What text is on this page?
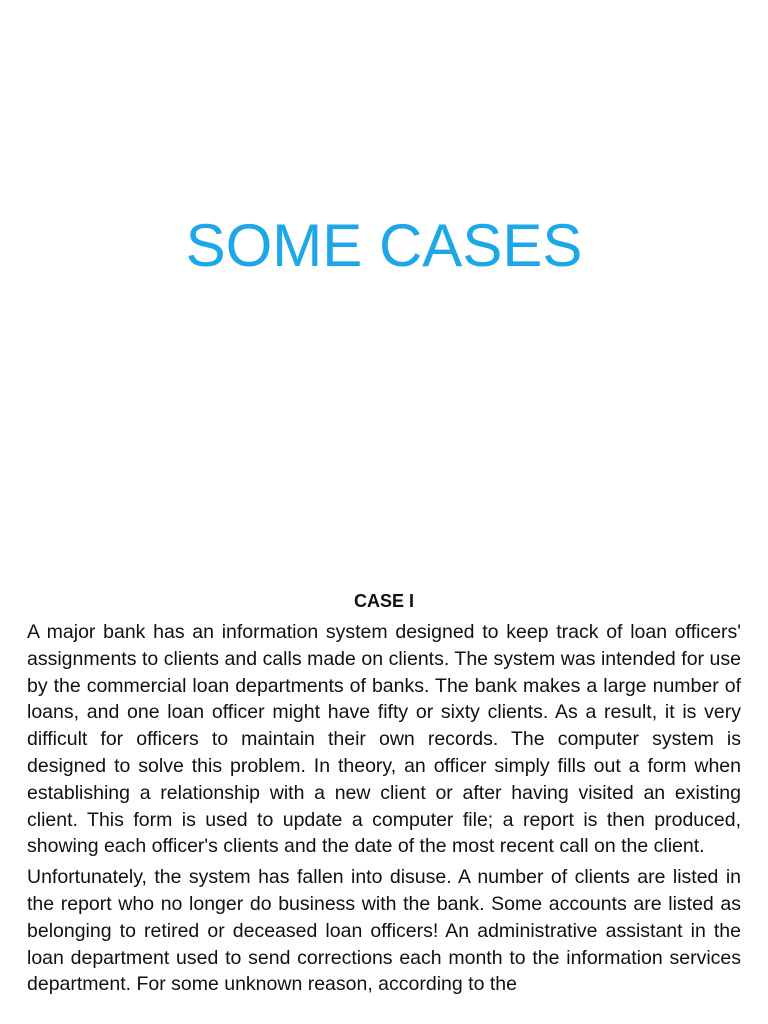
SOME CASES
CASE I

A major bank has an information system designed to keep track of loan officers' assignments to clients and calls made on clients. The system was intended for use by the commercial loan departments of banks. The bank makes a large number of loans, and one loan officer might have fifty or sixty clients. As a result, it is very difficult for officers to maintain their own records. The computer system is designed to solve this problem. In theory, an officer simply fills out a form when establishing a relationship with a new client or after having visited an existing client. This form is used to update a computer file; a report is then produced, showing each officer's clients and the date of the most recent call on the client.

Unfortunately, the system has fallen into disuse. A number of clients are listed in the report who no longer do business with the bank. Some accounts are listed as belonging to retired or deceased loan officers! An administrative assistant in the loan department used to send corrections each month to the information services department. For some unknown reason, according to the
